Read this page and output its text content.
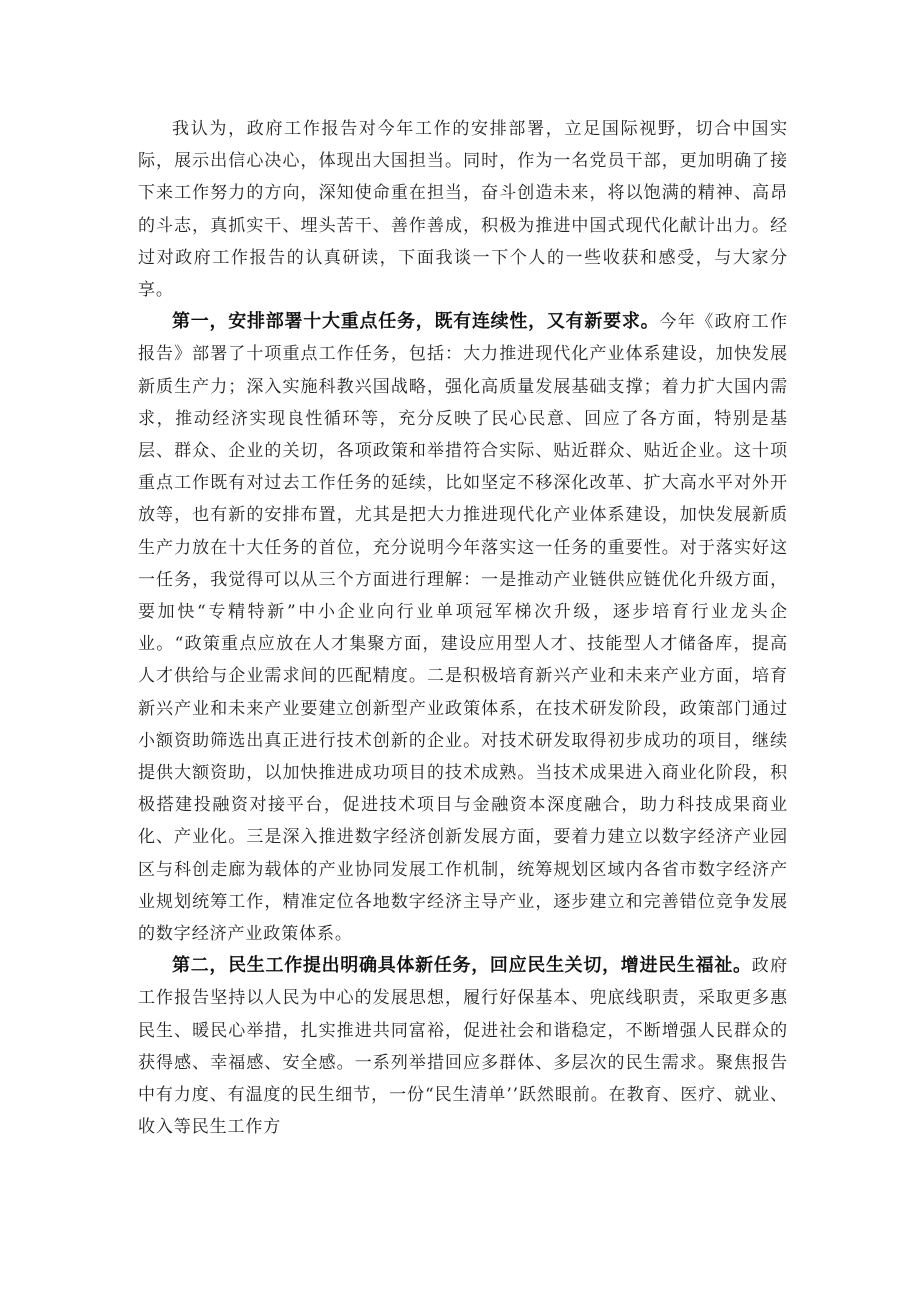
我认为，政府工作报告对今年工作的安排部署，立足国际视野，切合中国实际，展示出信心决心，体现出大国担当。同时，作为一名党员干部，更加明确了接下来工作努力的方向，深知使命重在担当，奋斗创造未来，将以饱满的精神、高昂的斗志，真抓实干、埋头苦干、善作善成，积极为推进中国式现代化献计出力。经过对政府工作报告的认真研读，下面我谈一下个人的一些收获和感受，与大家分享。

第一，安排部署十大重点任务，既有连续性，又有新要求。今年《政府工作报告》部署了十项重点工作任务，包括：大力推进现代化产业体系建设，加快发展新质生产力；深入实施科教兴国战略，强化高质量发展基础支撑；着力扩大国内需求，推动经济实现良性循环等，充分反映了民心民意、回应了各方面，特别是基层、群众、企业的关切，各项政策和举措符合实际、贴近群众、贴近企业。这十项重点工作既有对过去工作任务的延续，比如坚定不移深化改革、扩大高水平对外开放等，也有新的安排布置，尤其是把大力推进现代化产业体系建设，加快发展新质生产力放在十大任务的首位，充分说明今年落实这一任务的重要性。对于落实好这一任务，我觉得可以从三个方面进行理解：一是推动产业链供应链优化升级方面，要加快“专精特新”中小企业向行业单项冠军梯次升级，逐步培育行业龙头企业。“政策重点应放在人才集聚方面，建设应用型人才、技能型人才储备库，提高人才供给与企业需求间的匹配精度。二是积极培育新兴产业和未来产业方面，培育新兴产业和未来产业要建立创新型产业政策体系，在技术研发阶段，政策部门通过小额资助筛选出真正进行技术创新的企业。对技术研发取得初步成功的项目，继续提供大额资助，以加快推进成功项目的技术成熟。当技术成果进入商业化阶段，积极搭建投融资对接平台，促进技术项目与金融资本深度融合，助力科技成果商业化、产业化。三是深入推进数字经济创新发展方面，要着力建立以数字经济产业园区与科创走廊为载体的产业协同发展工作机制，统筹规划区域内各省市数字经济产业规划统筹工作，精准定位各地数字经济主导产业，逐步建立和完善错位竞争发展的数字经济产业政策体系。

第二，民生工作提出明确具体新任务，回应民生关切，增进民生福祉。政府工作报告坚持以人民为中心的发展思想，履行好保基本、兜底线职责，采取更多惠民生、暖民心举措，扎实推进共同富裕，促进社会和谐稳定，不断增强人民群众的获得感、幸福感、安全感。一系列举措回应多群体、多层次的民生需求。聚焦报告中有力度、有温度的民生细节，一份“民生清单’’跃然眼前。在教育、医疗、就业、收入等民生工作方
